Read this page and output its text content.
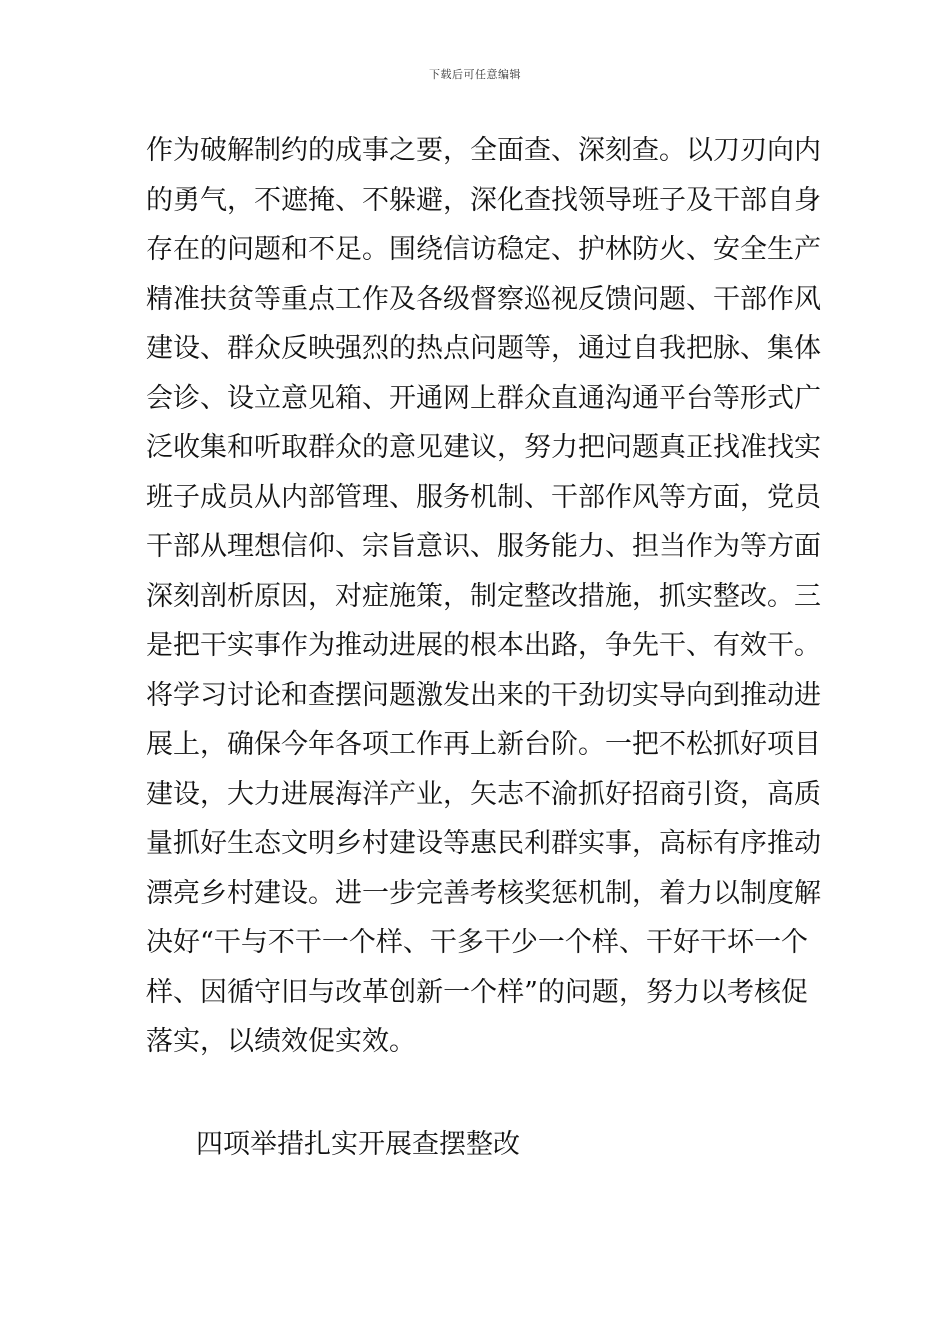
下载后可任意编辑
作为破解制约的成事之要，全面查、深刻查。以刀刃向内
的勇气，不遮掩、不躲避，深化查找领导班子及干部自身
存在的问题和不足。围绕信访稳定、护林防火、安全生产
精准扶贫等重点工作及各级督察巡视反馈问题、干部作风
建设、群众反映强烈的热点问题等，通过自我把脉、集体
会诊、设立意见箱、开通网上群众直通沟通平台等形式广
泛收集和听取群众的意见建议，努力把问题真正找准找实
班子成员从内部管理、服务机制、干部作风等方面，党员
干部从理想信仰、宗旨意识、服务能力、担当作为等方面
深刻剖析原因，对症施策，制定整改措施，抓实整改。三
是把干实事作为推动进展的根本出路，争先干、有效干。
将学习讨论和查摆问题激发出来的干劲切实导向到推动进
展上，确保今年各项工作再上新台阶。一把不松抓好项目
建设，大力进展海洋产业，矢志不渝抓好招商引资，高质
量抓好生态文明乡村建设等惠民利群实事，高标有序推动
漂亮乡村建设。进一步完善考核奖惩机制，着力以制度解
决好“干与不干一个样、干多干少一个样、干好干坏一个
样、因循守旧与改革创新一个样”的问题，努力以考核促
落实，以绩效促实效。
四项举措扎实开展查摆整改
